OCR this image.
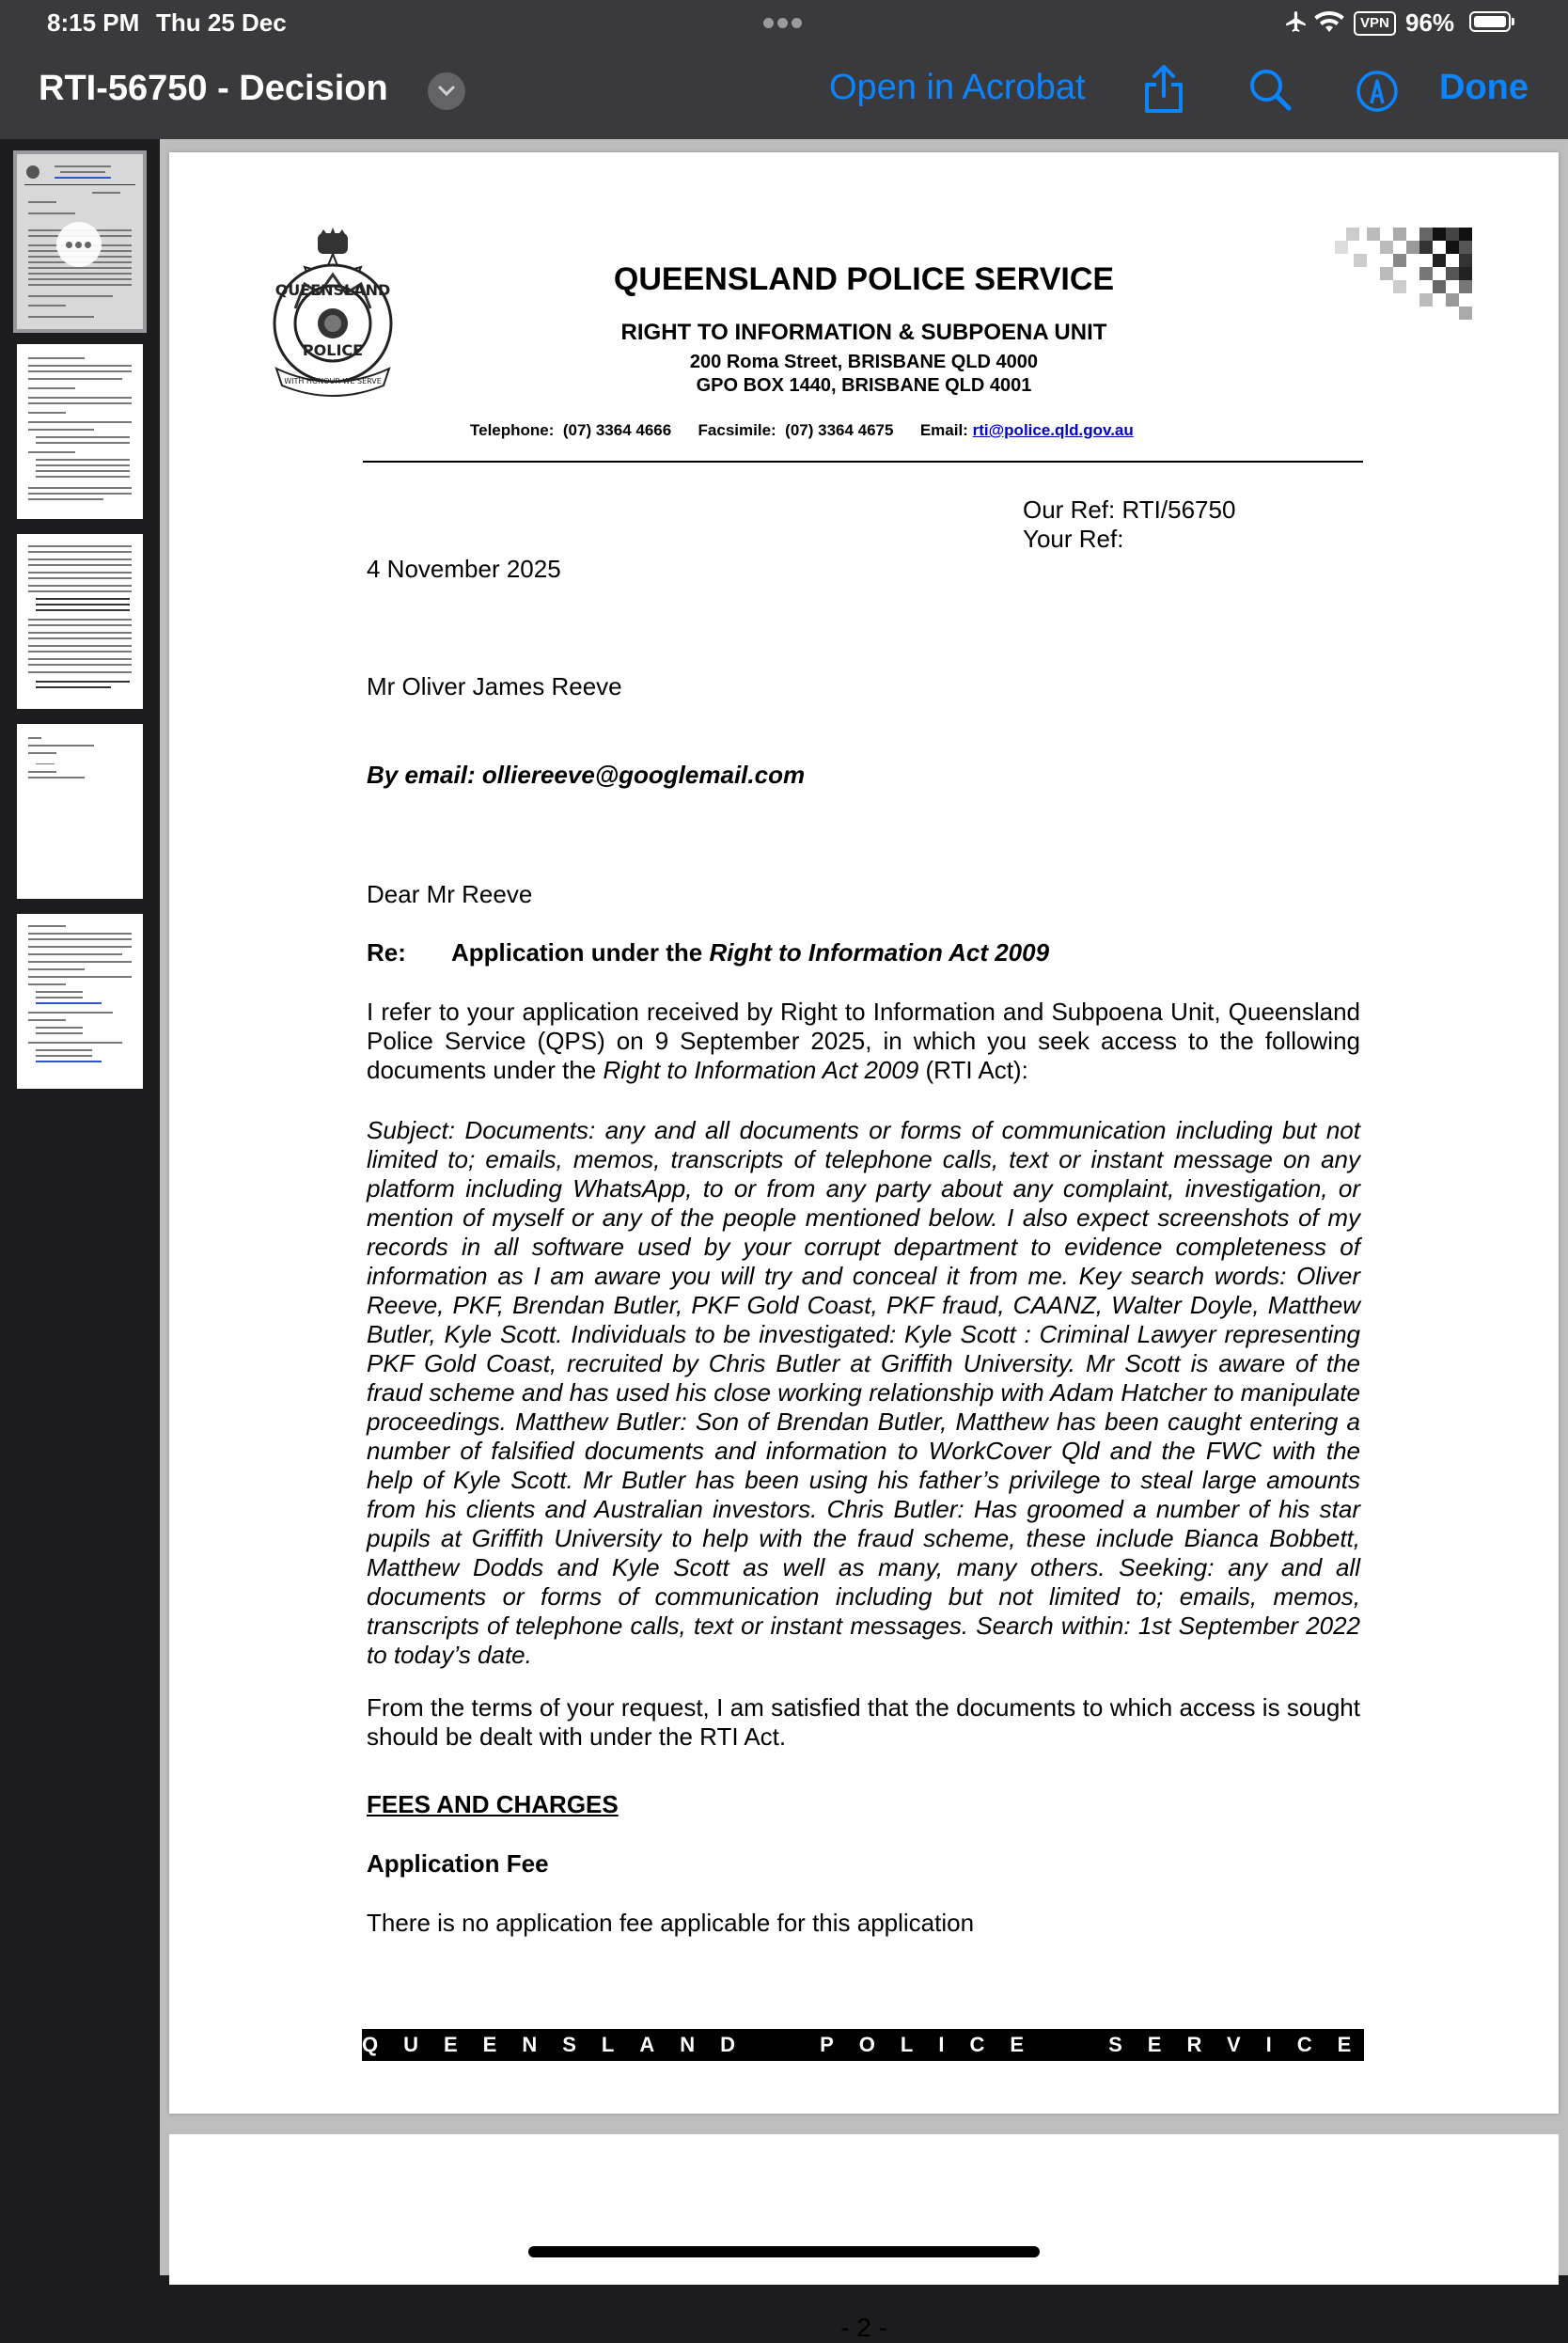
8:15 PM Thu 25 Dec	VPN 96%
RTI-56750 - Decision	Open in Acrobat	Done
QUEENSLAND
POLICE
WITH HONOUR WE SERVE
QUEENSLAND POLICE SERVICE
RIGHT TO INFORMATION & SUBPOENA UNIT
200 Roma Street, BRISBANE QLD 4000
GPO BOX 1440, BRISBANE QLD 4001
Telephone: (07) 3364 4666 Facsimile: (07) 3364 4675 Email: rti@police.qld.gov.au
Our Ref: RTI/56750
Your Ref:
4 November 2025
Mr Oliver James Reeve
By email: olliereeve@googlemail.com
Dear Mr Reeve
Re: Application under the Right to Information Act 2009

I refer to your application received by Right to Information and Subpoena Unit, Queensland Police Service (QPS) on 9 September 2025, in which you seek access to the following documents under the Right to Information Act 2009 (RTI Act):

Subject: Documents: any and all documents or forms of communication including but not limited to; emails, memos, transcripts of telephone calls, text or instant message on any platform including WhatsApp, to or from any party about any complaint, investigation, or mention of myself or any of the people mentioned below. I also expect screenshots of my records in all software used by your corrupt department to evidence completeness of information as I am aware you will try and conceal it from me. Key search words: Oliver Reeve, PKF, Brendan Butler, PKF Gold Coast, PKF fraud, CAANZ, Walter Doyle, Matthew Butler, Kyle Scott. Individuals to be investigated: Kyle Scott : Criminal Lawyer representing PKF Gold Coast, recruited by Chris Butler at Griffith University. Mr Scott is aware of the fraud scheme and has used his close working relationship with Adam Hatcher to manipulate proceedings. Matthew Butler: Son of Brendan Butler, Matthew has been caught entering a number of falsified documents and information to WorkCover Qld and the FWC with the help of Kyle Scott. Mr Butler has been using his father’s privilege to steal large amounts from his clients and Australian investors. Chris Butler: Has groomed a number of his star pupils at Griffith University to help with the fraud scheme, these include Bianca Bobbett, Matthew Dodds and Kyle Scott as well as many, many others. Seeking: any and all documents or forms of communication including but not limited to; emails, memos, transcripts of telephone calls, text or instant messages. Search within: 1st September 2022 to today’s date.

From the terms of your request, I am satisfied that the documents to which access is sought should be dealt with under the RTI Act.

FEES AND CHARGES
Application Fee
There is no application fee applicable for this application
QUEENSLAND POLICE SERVICE
- 2 -
